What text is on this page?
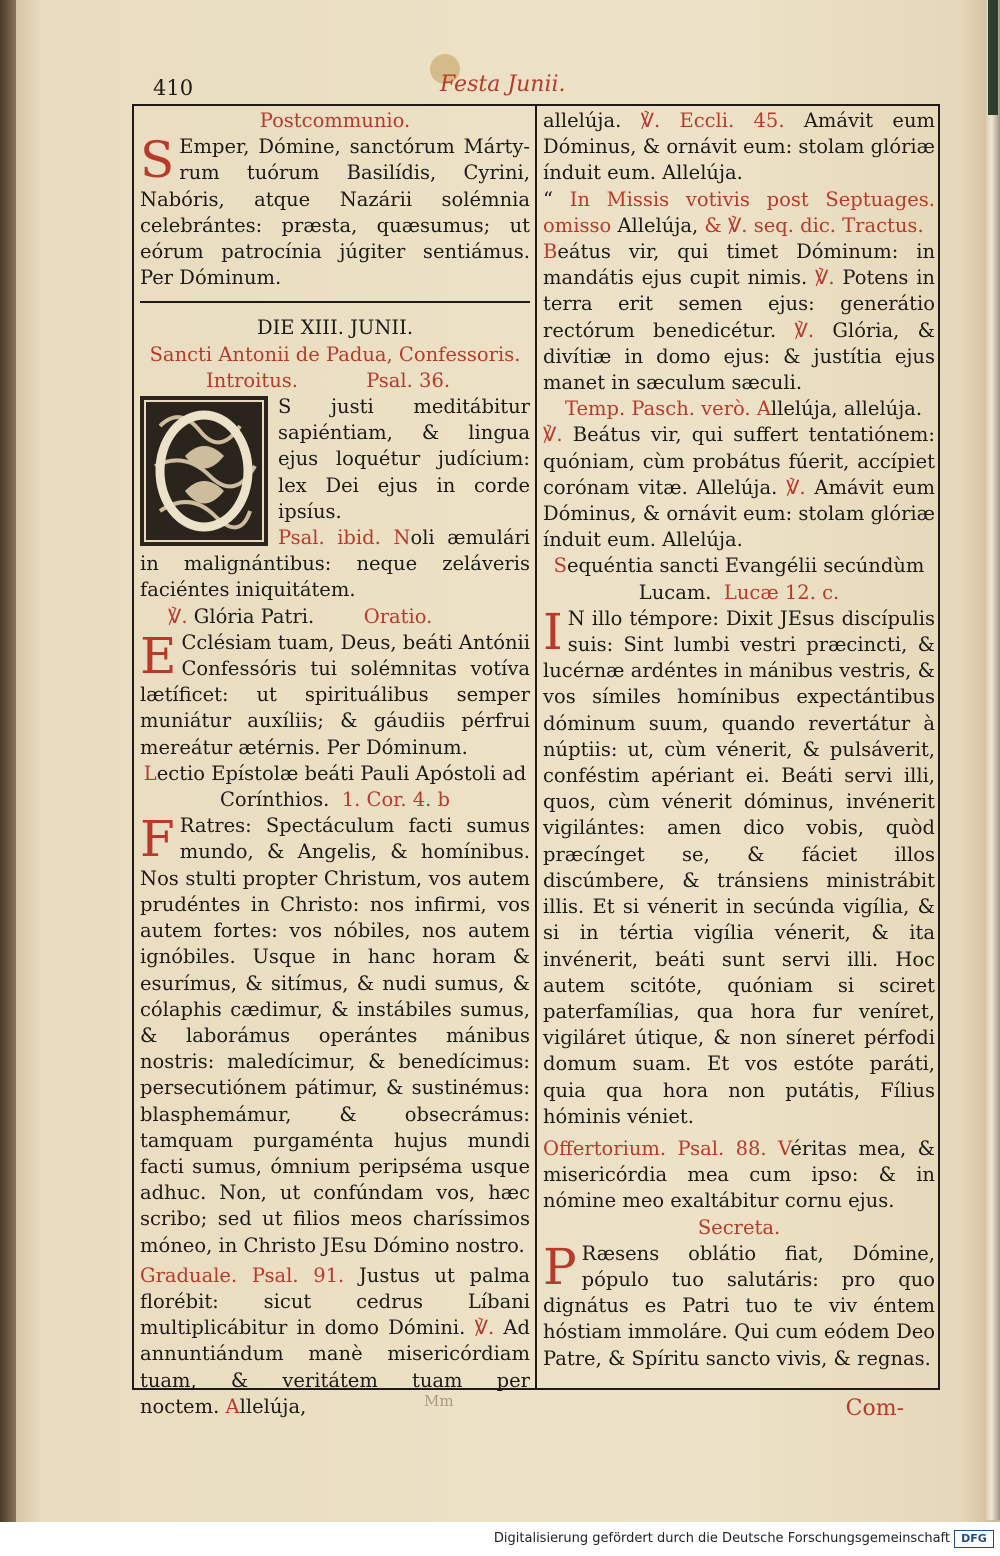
410	Festa Junii.

Postcommunio.

S Emper, Dómine, sanctórum Márty- rum tuórum Basilídis, Cyrini, Nabóris, atque Nazárii solémnia celebrántes: præsta, quæsumus; ut eórum patrocínia júgiter sentiámus. Per Dóminum.

DIE XIII. JUNII.

Sancti Antonii de Padua, Confessoris.

Introitus.	Psal. 36.

S justi meditábitur sapiéntiam, & lingua ejus loquétur judícium: lex Dei ejus in corde ipsíus.

Psal. ibid. Noli æmulári in malignántibus: neque zeláveris faciéntes iniquitátem.

℣. Glória Patri.	Oratio.

E Cclésiam tuam, Deus, beáti Antónii Confessóris tui solémnitas votíva lætíficet: ut spirituálibus semper muniátur auxíliis; & gáudiis pérfrui mereátur ætérnis. Per Dóminum.

Lectio Epístolæ beáti Pauli Apóstoli ad Corínthios. 1. Cor. 4. b

F Ratres: Spectáculum facti sumus mundo, & Angelis, & homínibus. Nos stulti propter Christum, vos autem prudéntes in Christo: nos infirmi, vos autem fortes: vos nóbiles, nos autem ignóbiles. Usque in hanc horam & esurímus, & sitímus, & nudi sumus, & cólaphis cædimur, & instábiles sumus, & laborámus operántes mánibus nostris: maledícimur, & benedícimus: persecutiónem pátimur, & sustinémus: blasphemámur, & obsecrámus: tamquam purgaménta hujus mundi facti sumus, ómnium peripséma usque adhuc. Non, ut confúndam vos, hæc scribo; sed ut filios meos charíssimos móneo, in Christo JEsu Dómino nostro.

Graduale. Psal. 91. Justus ut palma florébit: sicut cedrus Líbani multiplicábitur in domo Dómini. ℣. Ad annuntiándum manè misericórdiam tuam, & veritátem tuam per noctem. Allelúja,

allelúja. ℣. Eccli. 45. Amávit eum Dóminus, & ornávit eum: stolam glóriæ índuit eum. Allelúja.

“ In Missis votivis post Septuages. omisso Allelúja, & ℣. seq. dic. Tractus.

Beátus vir, qui timet Dóminum: in mandátis ejus cupit nimis. ℣. Potens in terra erit semen ejus: generátio rectórum benedicétur. ℣. Glória, & divítiæ in domo ejus: & justítia ejus manet in sæculum sæculi.

Temp. Pasch. verò. Allelúja, allelúja.

℣. Beátus vir, qui suffert tentatiónem: quóniam, cùm probátus fúerit, accípiet corónam vitæ. Allelúja. ℣. Amávit eum Dóminus, & ornávit eum: stolam glóriæ índuit eum. Allelúja.

Sequéntia sancti Evangélii secúndùm Lucam. Lucæ 12. c.

I N illo témpore: Dixit JEsus discípulis suis: Sint lumbi vestri præcincti, & lucérnæ ardéntes in mánibus vestris, & vos símiles homínibus expectántibus dóminum suum, quando revertátur à núptiis: ut, cùm vénerit, & pulsáverit, conféstim apériant ei. Beáti servi illi, quos, cùm vénerit dóminus, invénerit vigilántes: amen dico vobis, quòd præcínget se, & fáciet illos discúmbere, & tránsiens ministrábit illis. Et si vénerit in secúnda vigília, & si in tértia vigília vénerit, & ita invénerit, beáti sunt servi illi. Hoc autem scitóte, quóniam si sciret paterfamílias, qua hora fur veníret, vigiláret útique, & non síneret pérfodi domum suam. Et vos estóte paráti, quia qua hora non putátis, Fílius hóminis véniet.

Offertorium. Psal. 88. Véritas mea, & misericórdia mea cum ipso: & in nómine meo exaltábitur cornu ejus.

Secreta.

P Ræsens oblátio fiat, Dómine, pópulo tuo salutáris: pro quo dignátus es Patri tuo te viv éntem hóstiam immoláre. Qui cum eódem Deo Patre, & Spíritu sancto vivis, & regnas.

Mm	Com-
Digitalisierung gefördert durch die Deutsche Forschungsgemeinschaft	DFG
